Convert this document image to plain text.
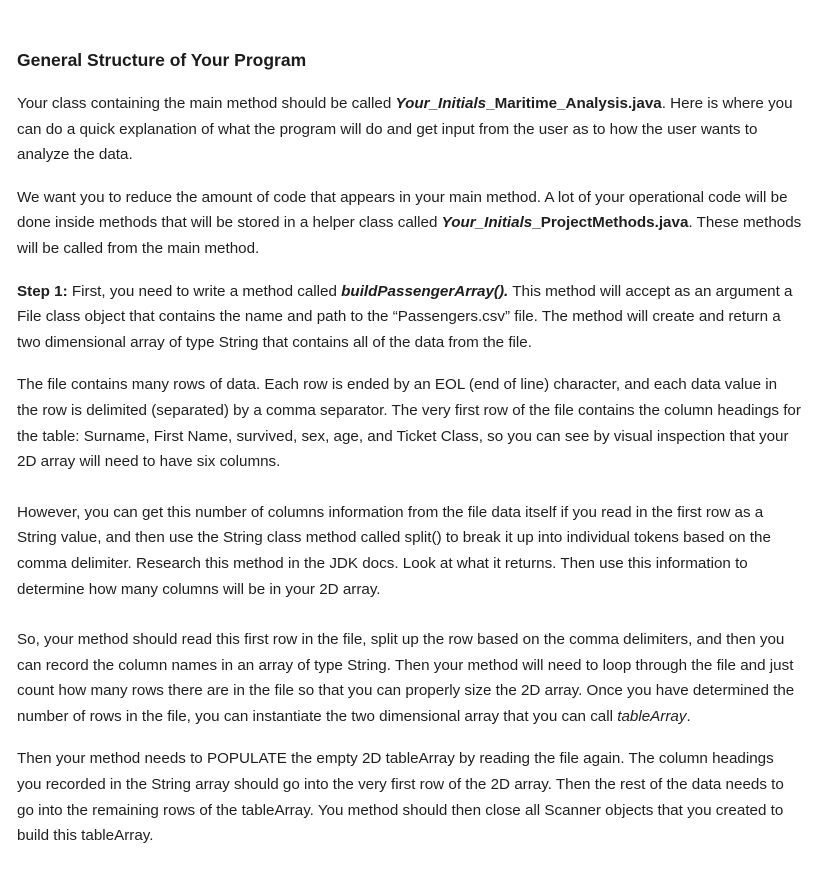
General Structure of Your Program

Your class containing the main method should be called Your_Initials_Maritime_Analysis.java. Here is where you can do a quick explanation of what the program will do and get input from the user as to how the user wants to analyze the data.

We want you to reduce the amount of code that appears in your main method. A lot of your operational code will be done inside methods that will be stored in a helper class called Your_Initials_ProjectMethods.java. These methods will be called from the main method.

Step 1: First, you need to write a method called buildPassengerArray(). This method will accept as an argument a File class object that contains the name and path to the “Passengers.csv” file. The method will create and return a two dimensional array of type String that contains all of the data from the file.

The file contains many rows of data. Each row is ended by an EOL (end of line) character, and each data value in the row is delimited (separated) by a comma separator. The very first row of the file contains the column headings for the table: Surname, First Name, survived, sex, age, and Ticket Class, so you can see by visual inspection that your 2D array will need to have six columns.

However, you can get this number of columns information from the file data itself if you read in the first row as a String value, and then use the String class method called split() to break it up into individual tokens based on the comma delimiter. Research this method in the JDK docs. Look at what it returns. Then use this information to determine how many columns will be in your 2D array.

So, your method should read this first row in the file, split up the row based on the comma delimiters, and then you can record the column names in an array of type String. Then your method will need to loop through the file and just count how many rows there are in the file so that you can properly size the 2D array. Once you have determined the number of rows in the file, you can instantiate the two dimensional array that you can call tableArray.

Then your method needs to POPULATE the empty 2D tableArray by reading the file again. The column headings you recorded in the String array should go into the very first row of the 2D array. Then the rest of the data needs to go into the remaining rows of the tableArray. You method should then close all Scanner objects that you created to build this tableArray.
